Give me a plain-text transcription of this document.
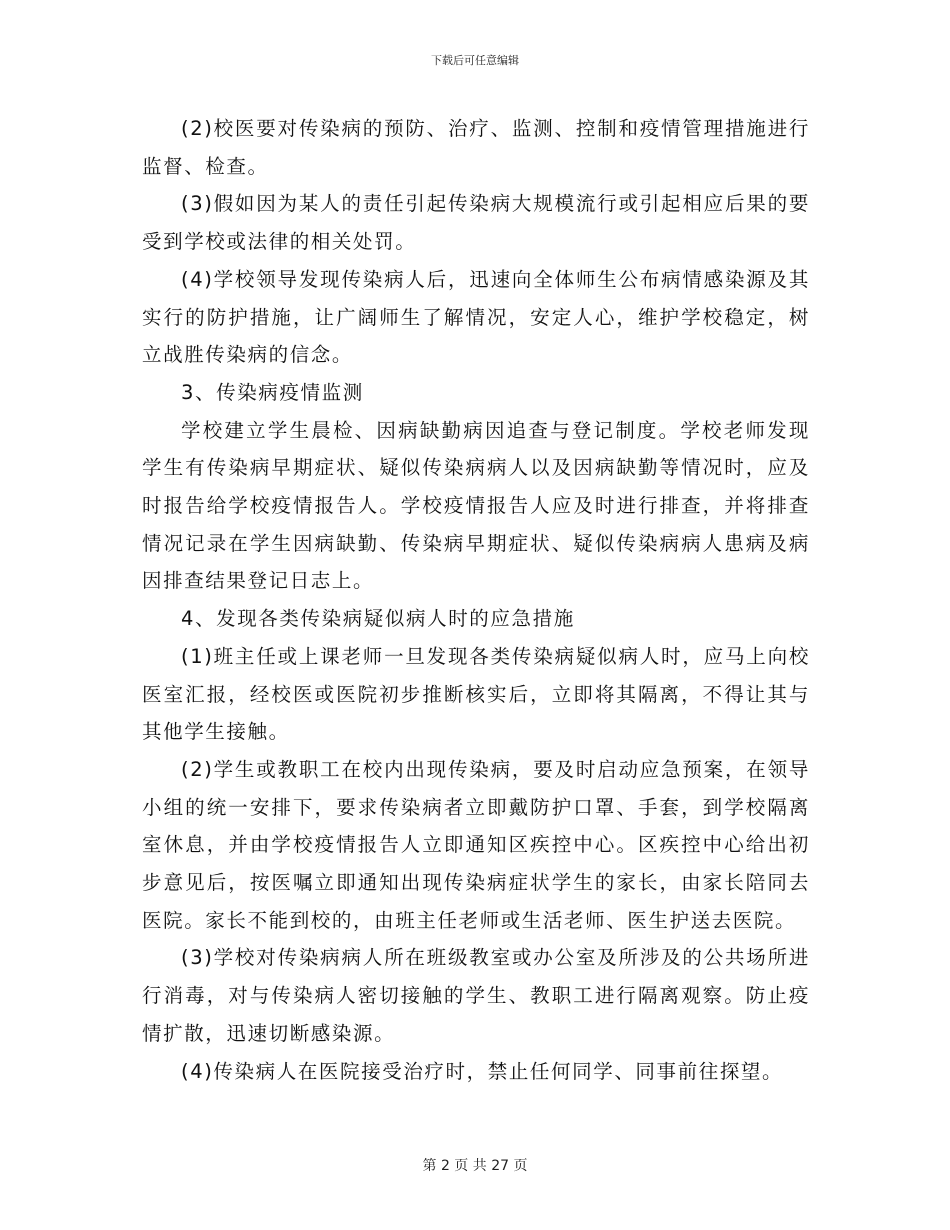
下载后可任意编辑

(2)校医要对传染病的预防、治疗、监测、控制和疫情管理措施进行监督、检查。

(3)假如因为某人的责任引起传染病大规模流行或引起相应后果的要受到学校或法律的相关处罚。

(4)学校领导发现传染病人后，迅速向全体师生公布病情感染源及其实行的防护措施，让广阔师生了解情况，安定人心，维护学校稳定，树立战胜传染病的信念。

3、传染病疫情监测

学校建立学生晨检、因病缺勤病因追查与登记制度。学校老师发现学生有传染病早期症状、疑似传染病病人以及因病缺勤等情况时，应及时报告给学校疫情报告人。学校疫情报告人应及时进行排查，并将排查情况记录在学生因病缺勤、传染病早期症状、疑似传染病病人患病及病因排查结果登记日志上。

4、发现各类传染病疑似病人时的应急措施

(1)班主任或上课老师一旦发现各类传染病疑似病人时，应马上向校医室汇报，经校医或医院初步推断核实后，立即将其隔离，不得让其与其他学生接触。

(2)学生或教职工在校内出现传染病，要及时启动应急预案，在领导小组的统一安排下，要求传染病者立即戴防护口罩、手套，到学校隔离室休息，并由学校疫情报告人立即通知区疾控中心。区疾控中心给出初步意见后，按医嘱立即通知出现传染病症状学生的家长，由家长陪同去医院。家长不能到校的，由班主任老师或生活老师、医生护送去医院。

(3)学校对传染病病人所在班级教室或办公室及所涉及的公共场所进行消毒，对与传染病人密切接触的学生、教职工进行隔离观察。防止疫情扩散，迅速切断感染源。

(4)传染病人在医院接受治疗时，禁止任何同学、同事前往探望。

第 2 页 共 27 页
